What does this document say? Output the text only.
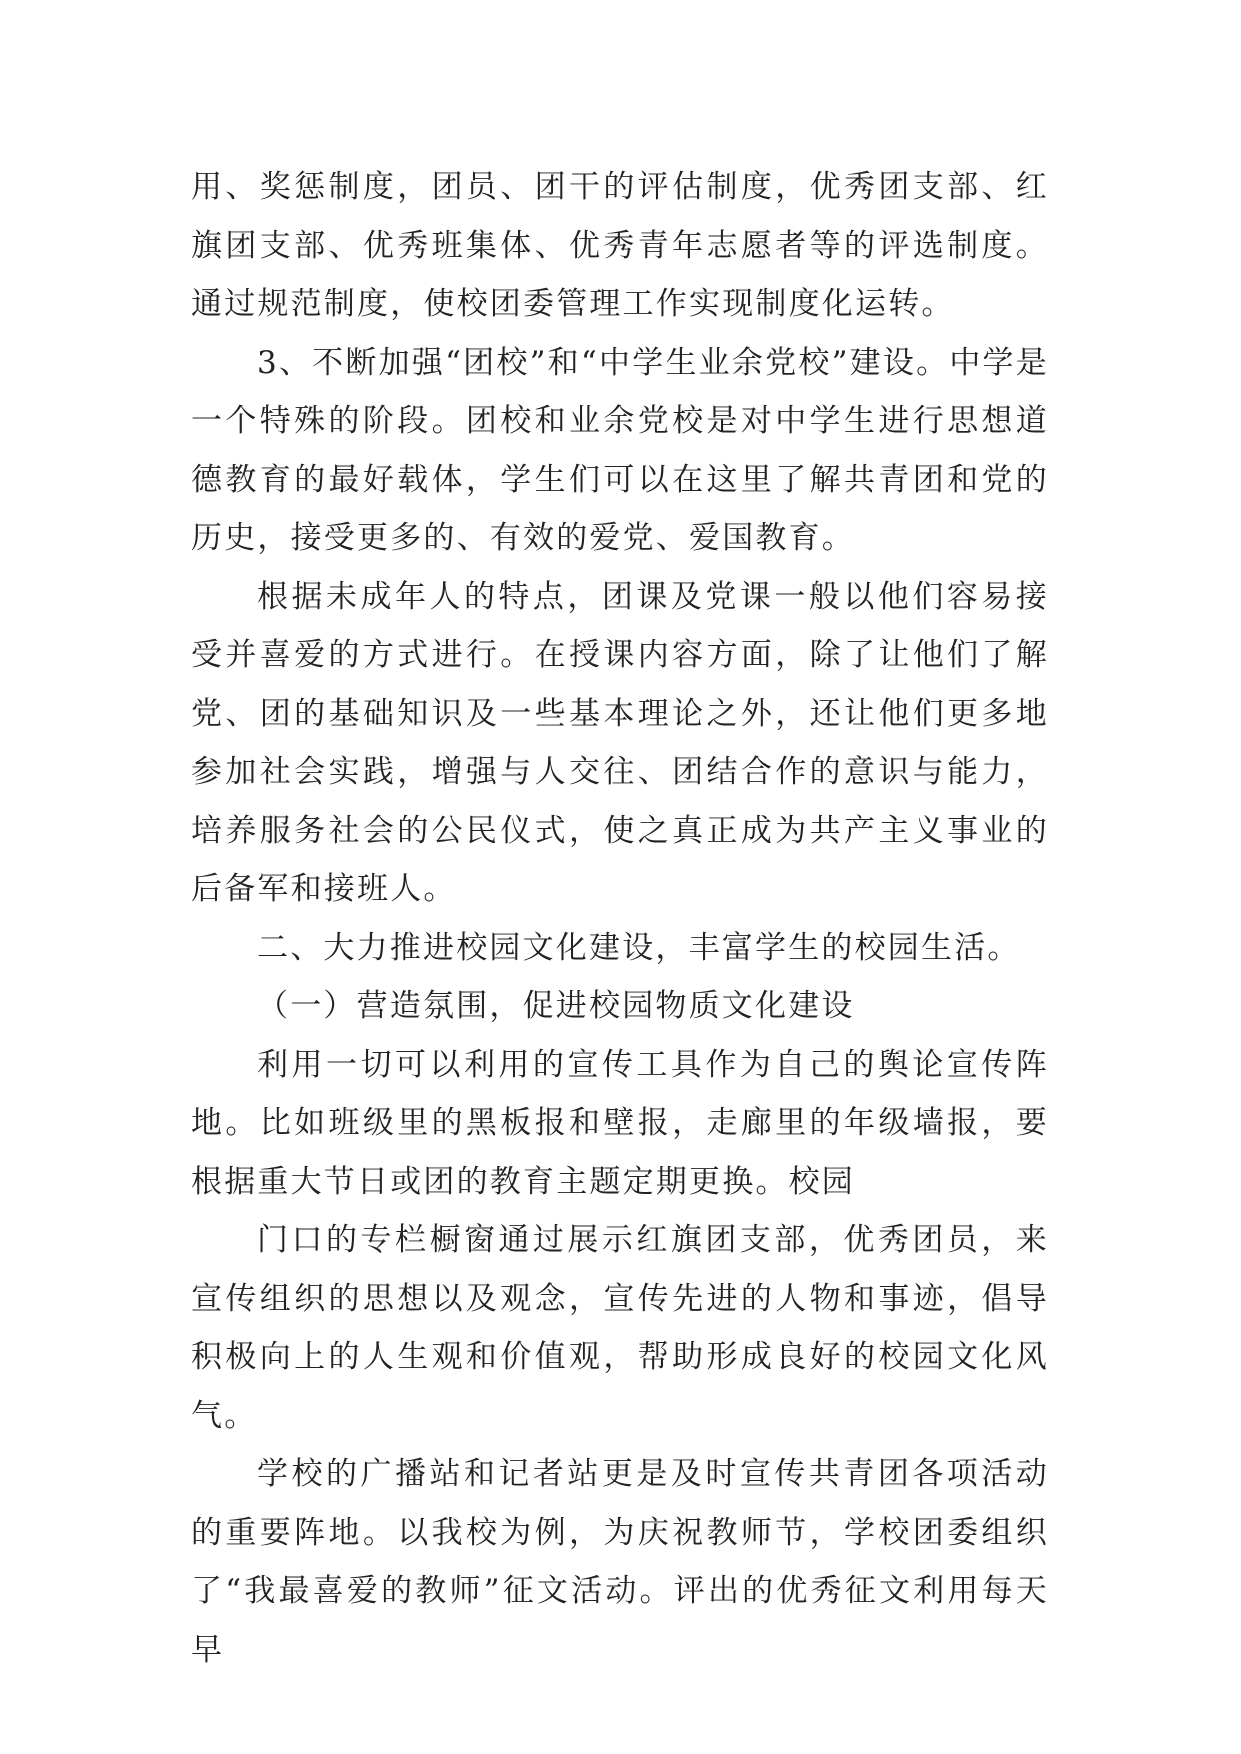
用、奖惩制度，团员、团干的评估制度，优秀团支部、红旗团支部、优秀班集体、优秀青年志愿者等的评选制度。通过规范制度，使校团委管理工作实现制度化运转。

3、不断加强“团校”和“中学生业余党校”建设。中学是一个特殊的阶段。团校和业余党校是对中学生进行思想道德教育的最好载体，学生们可以在这里了解共青团和党的历史，接受更多的、有效的爱党、爱国教育。

根据未成年人的特点，团课及党课一般以他们容易接受并喜爱的方式进行。在授课内容方面，除了让他们了解党、团的基础知识及一些基本理论之外，还让他们更多地参加社会实践，增强与人交往、团结合作的意识与能力，培养服务社会的公民仪式，使之真正成为共产主义事业的后备军和接班人。

二、大力推进校园文化建设，丰富学生的校园生活。

（一）营造氛围，促进校园物质文化建设

利用一切可以利用的宣传工具作为自己的舆论宣传阵地。比如班级里的黑板报和壁报，走廊里的年级墙报，要根据重大节日或团的教育主题定期更换。校园

门口的专栏橱窗通过展示红旗团支部，优秀团员，来宣传组织的思想以及观念，宣传先进的人物和事迹，倡导积极向上的人生观和价值观，帮助形成良好的校园文化风气。

学校的广播站和记者站更是及时宣传共青团各项活动的重要阵地。以我校为例，为庆祝教师节，学校团委组织了“我最喜爱的教师”征文活动。评出的优秀征文利用每天早
